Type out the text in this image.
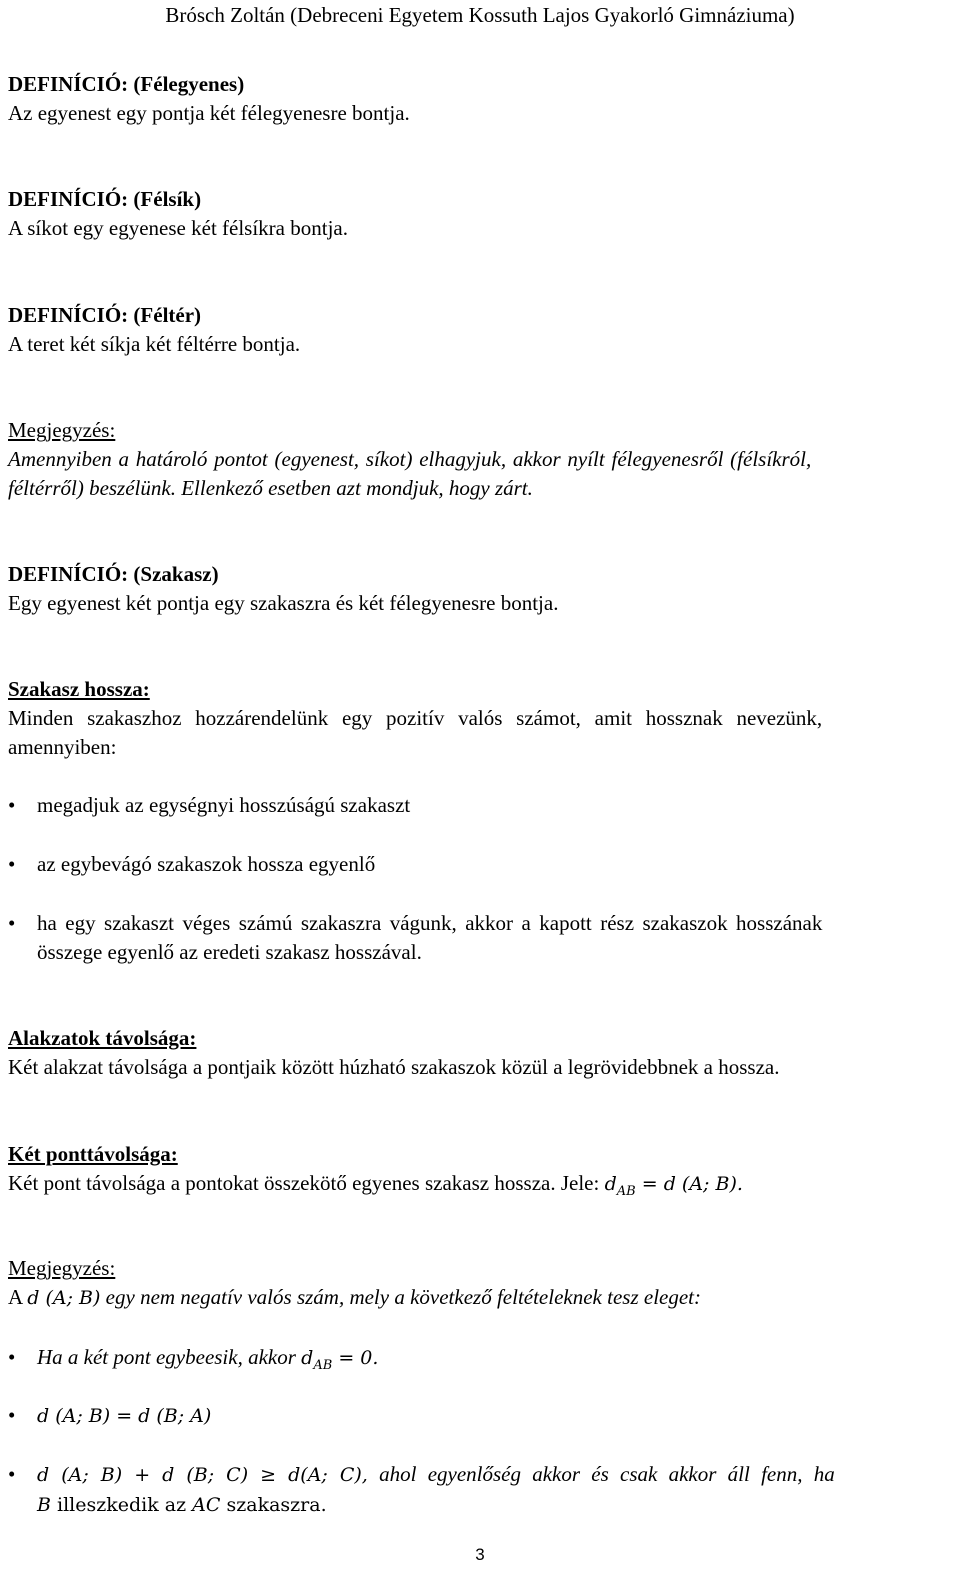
Brósch Zoltán (Debreceni Egyetem Kossuth Lajos Gyakorló Gimnáziuma)
DEFINÍCIÓ: (Félegyenes)
Az egyenest egy pontja két félegyenesre bontja.
DEFINÍCIÓ: (Félsík)
A síkot egy egyenese két félsíkra bontja.
DEFINÍCIÓ: (Féltér)
A teret két síkja két féltérre bontja.
Megjegyzés:
Amennyiben a határoló pontot (egyenest, síkot) elhagyjuk, akkor nyílt félegyenesről (félsíkról,
féltérről) beszélünk. Ellenkező esetben azt mondjuk, hogy zárt.
DEFINÍCIÓ: (Szakasz)
Egy egyenest két pontja egy szakaszra és két félegyenesre bontja.
Szakasz hossza:
Minden szakaszhoz hozzárendelünk egy pozitív valós számot, amit hossznak nevezünk,
amennyiben:
•	megadjuk az egységnyi hosszúságú szakaszt
•	az egybevágó szakaszok hossza egyenlő
•	ha egy szakaszt véges számú szakaszra vágunk, akkor a kapott rész szakaszok hosszának
összege egyenlő az eredeti szakasz hosszával.
Alakzatok távolsága:
Két alakzat távolsága a pontjaik között húzható szakaszok közül a legrövidebbnek a hossza.
Két ponttávolsága:
Két pont távolsága a pontokat összekötő egyenes szakasz hossza. Jele: $d_{AB} = d$ (A; B).
Megjegyzés:
A d (A; B) egy nem negatív valós szám, mely a következő feltételeknek tesz eleget:
•	Ha a két pont egybeesik, akkor $d_{AB} = 0$.
•	d (A; B) = d (B; A)
•	d (A; B) + d (B; C) ≥ d(A; C), ahol egyenlőség akkor és csak akkor áll fenn, ha
B illeszkedik az AC szakaszra.
3
